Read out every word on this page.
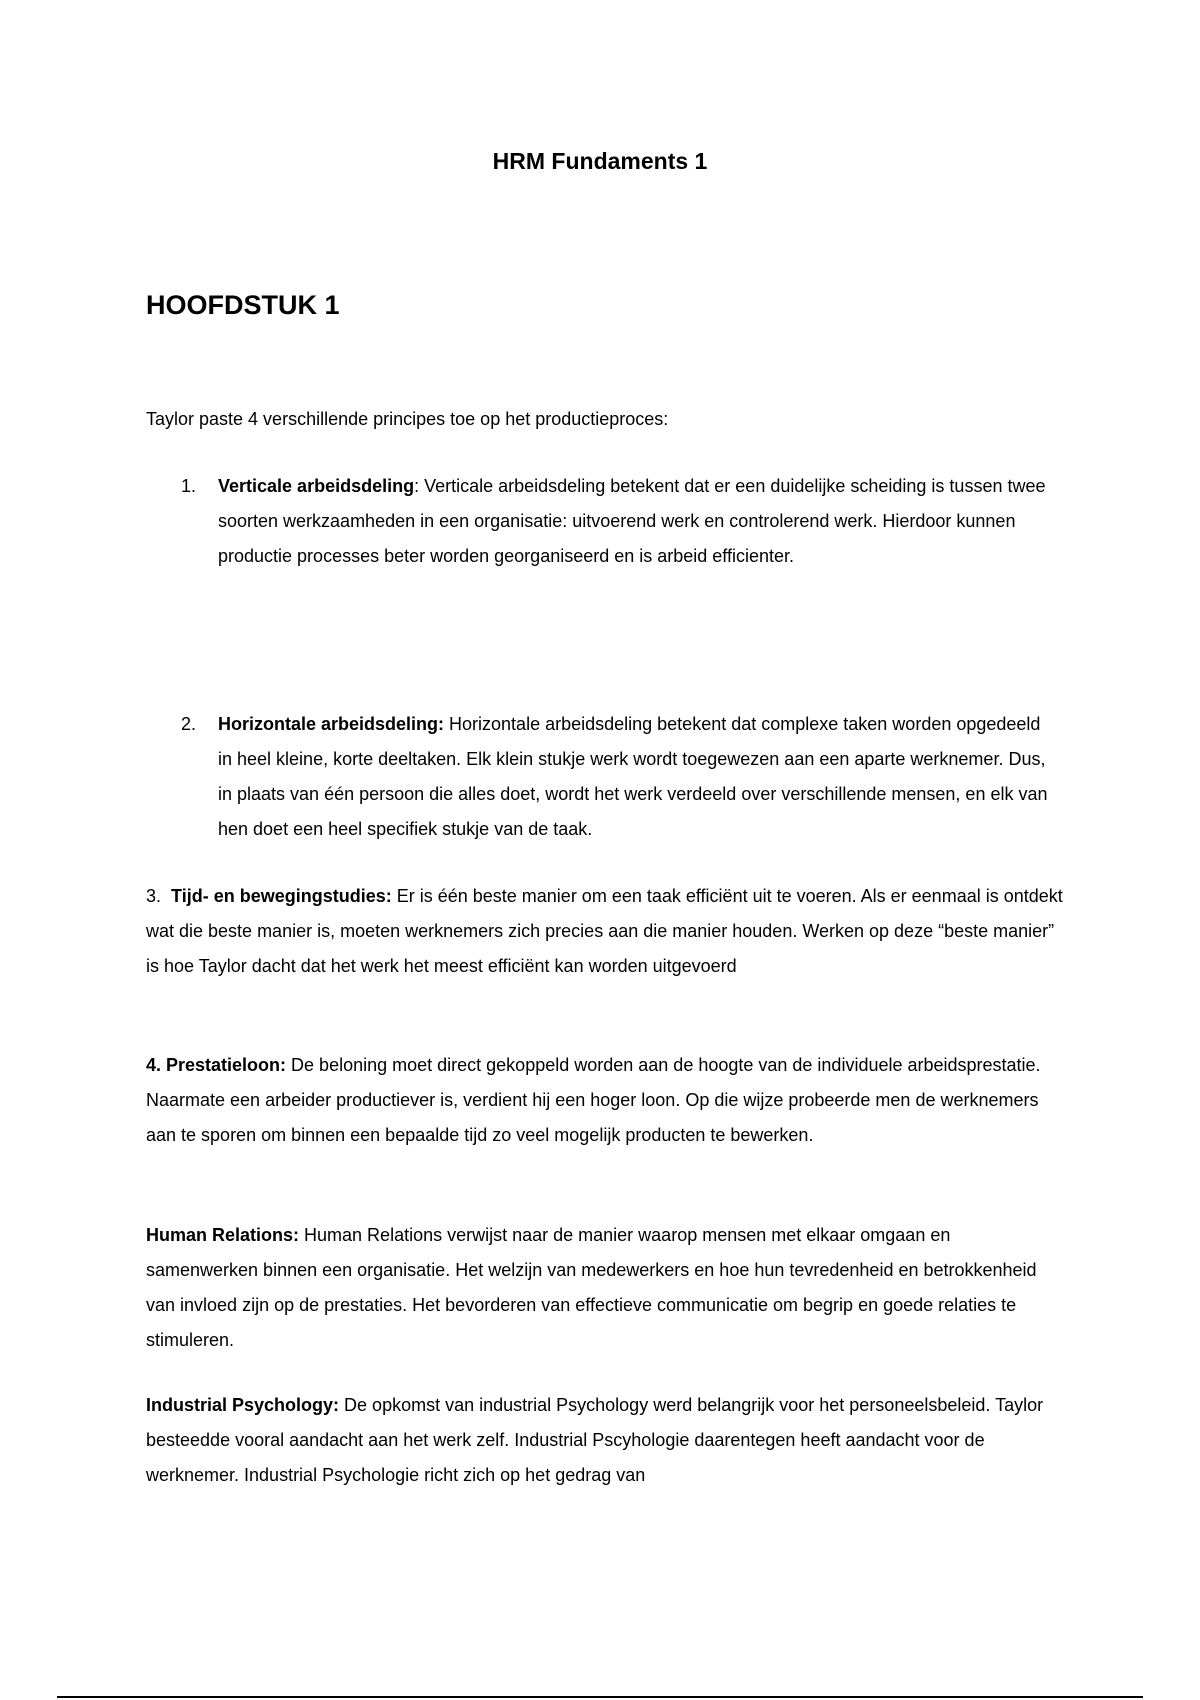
HRM Fundaments 1
HOOFDSTUK 1

Taylor paste 4 verschillende principes toe op het productieproces:

1. Verticale arbeidsdeling: Verticale arbeidsdeling betekent dat er een duidelijke scheiding is tussen twee soorten werkzaamheden in een organisatie: uitvoerend werk en controlerend werk. Hierdoor kunnen productie processes beter worden georganiseerd en is arbeid efficienter.
2. Horizontale arbeidsdeling: Horizontale arbeidsdeling betekent dat complexe taken worden opgedeeld in heel kleine, korte deeltaken. Elk klein stukje werk wordt toegewezen aan een aparte werknemer. Dus, in plaats van één persoon die alles doet, wordt het werk verdeeld over verschillende mensen, en elk van hen doet een heel specifiek stukje van de taak.

3. Tijd- en bewegingstudies: Er is één beste manier om een taak efficiënt uit te voeren. Als er eenmaal is ontdekt wat die beste manier is, moeten werknemers zich precies aan die manier houden. Werken op deze “beste manier” is hoe Taylor dacht dat het werk het meest efficiënt kan worden uitgevoerd

4. Prestatieloon: De beloning moet direct gekoppeld worden aan de hoogte van de individuele arbeidsprestatie. Naarmate een arbeider productiever is, verdient hij een hoger loon. Op die wijze probeerde men de werknemers aan te sporen om binnen een bepaalde tijd zo veel mogelijk producten te bewerken.

Human Relations: Human Relations verwijst naar de manier waarop mensen met elkaar omgaan en samenwerken binnen een organisatie. Het welzijn van medewerkers en hoe hun tevredenheid en betrokkenheid van invloed zijn op de prestaties. Het bevorderen van effectieve communicatie om begrip en goede relaties te stimuleren.

Industrial Psychology: De opkomst van industrial Psychology werd belangrijk voor het personeelsbeleid. Taylor besteedde vooral aandacht aan het werk zelf. Industrial Pscyhologie daarentegen heeft aandacht voor de werknemer. Industrial Psychologie richt zich op het gedrag van
